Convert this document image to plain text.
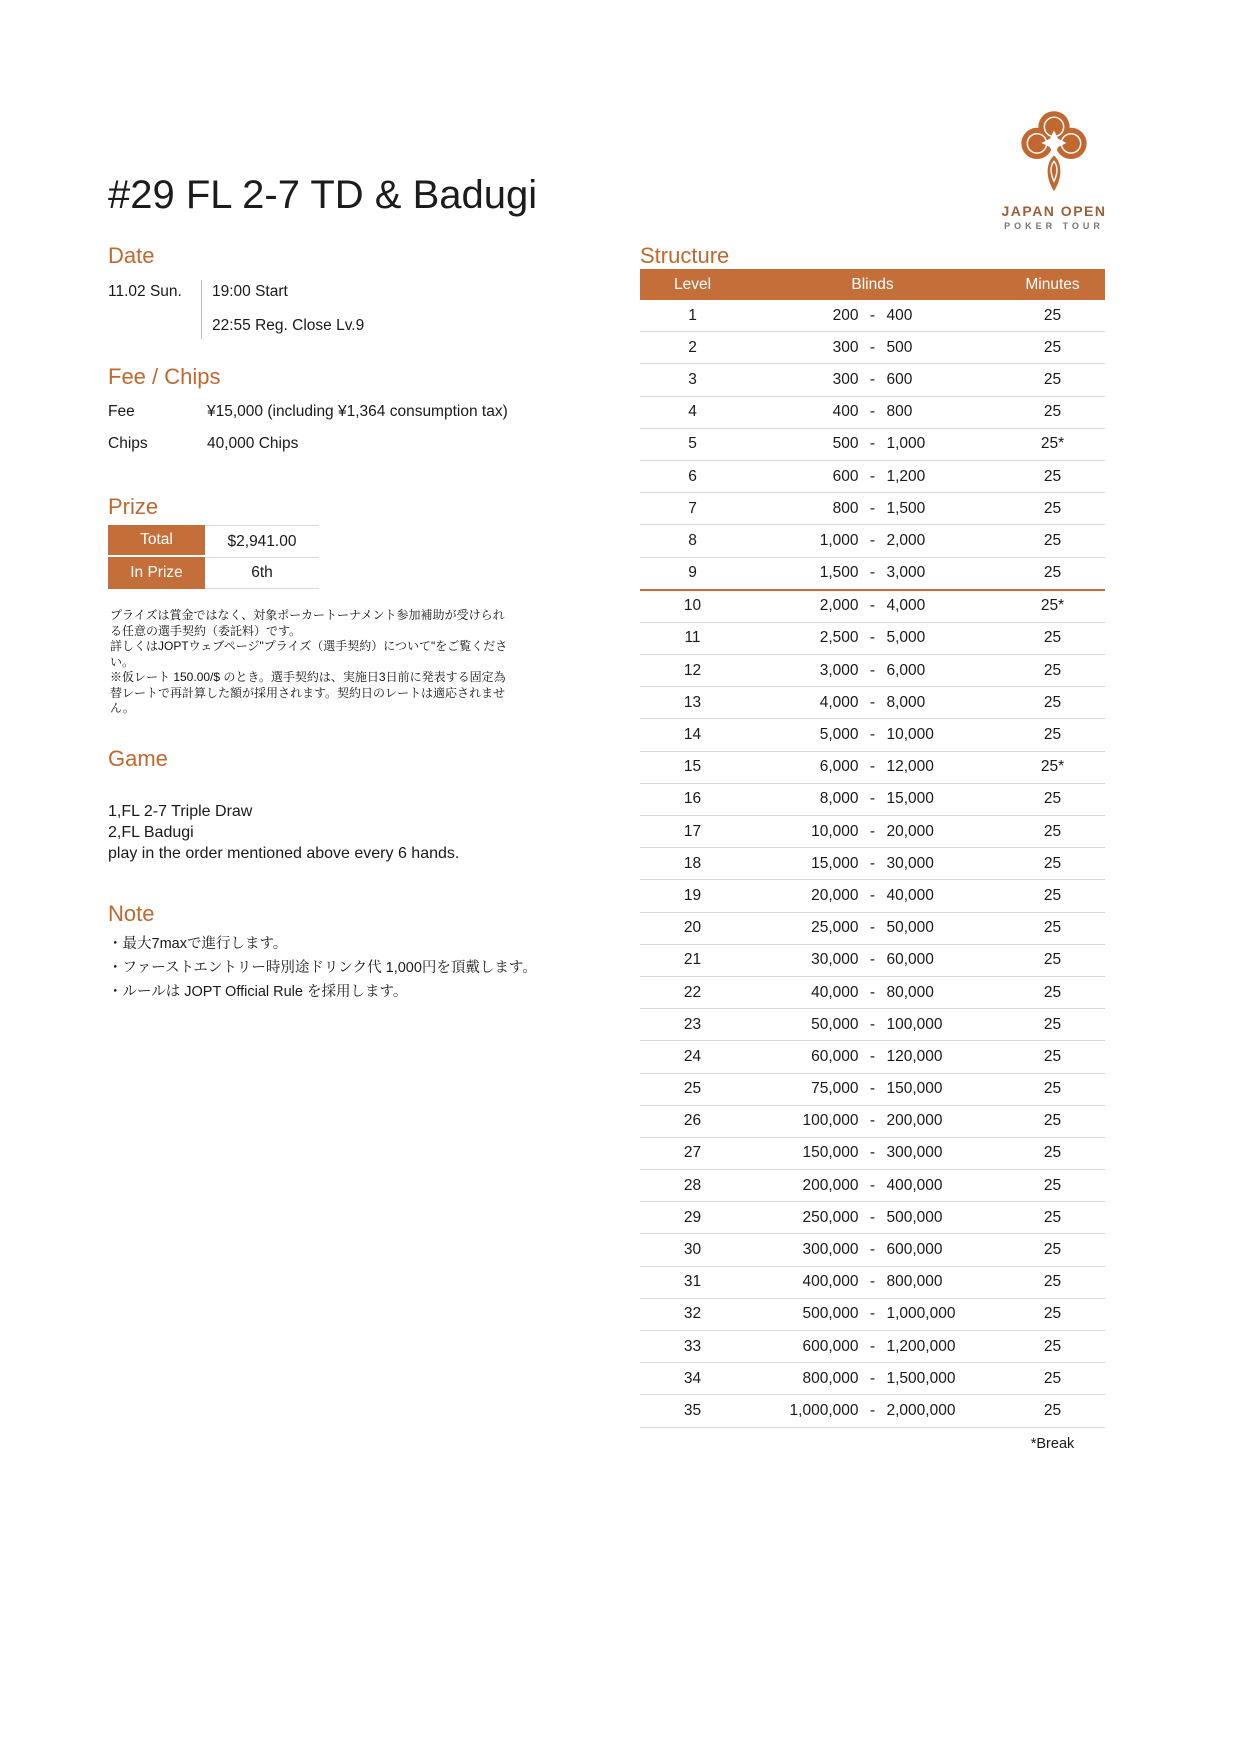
#29 FL 2-7 TD & Badugi	JAPAN OPEN
POKER TOUR
Date
11.02 Sun.	19:00 Start
22:55 Reg. Close Lv.9
Fee / Chips
Fee	¥15,000 (including ¥1,364 consumption tax)
Chips	40,000 Chips
Prize
Total	$2,941.00
In Prize	6th

プライズは賞金ではなく、対象ポーカートーナメント参加補助が受けられる任意の選手契約（委託料）です。

詳しくはJOPTウェブページ"プライズ（選手契約）について"をご覧ください。

※仮レート 150.00/$ のとき。選手契約は、実施日3日前に発表する固定為替レートで再計算した額が採用されます。契約日のレートは適応されません。

Game
1,FL 2-7 Triple Draw
2,FL Badugi
play in the order mentioned above every 6 hands.
Note
・最大7maxで進行します。
・ファーストエントリー時別途ドリンク代 1,000円を頂戴します。
・ルールは JOPT Official Rule を採用します。
Structure
Level	Blinds	Minutes
1	200 - 400	25
2	300 - 500	25
3	300 - 600	25
4	400 - 800	25
5	500 - 1,000	25*
6	600 - 1,200	25
7	800 - 1,500	25
8	1,000 - 2,000	25
9	1,500 - 3,000	25
10	2,000 - 4,000	25*
11	2,500 - 5,000	25
12	3,000 - 6,000	25
13	4,000 - 8,000	25
14	5,000 - 10,000	25
15	6,000 - 12,000	25*
16	8,000 - 15,000	25
17	10,000 - 20,000	25
18	15,000 - 30,000	25
19	20,000 - 40,000	25
20	25,000 - 50,000	25
21	30,000 - 60,000	25
22	40,000 - 80,000	25
23	50,000 - 100,000	25
24	60,000 - 120,000	25
25	75,000 - 150,000	25
26	100,000 - 200,000	25
27	150,000 - 300,000	25
28	200,000 - 400,000	25
29	250,000 - 500,000	25
30	300,000 - 600,000	25
31	400,000 - 800,000	25
32	500,000 - 1,000,000	25
33	600,000 - 1,200,000	25
34	800,000 - 1,500,000	25
35	1,000,000 - 2,000,000	25
*Break
